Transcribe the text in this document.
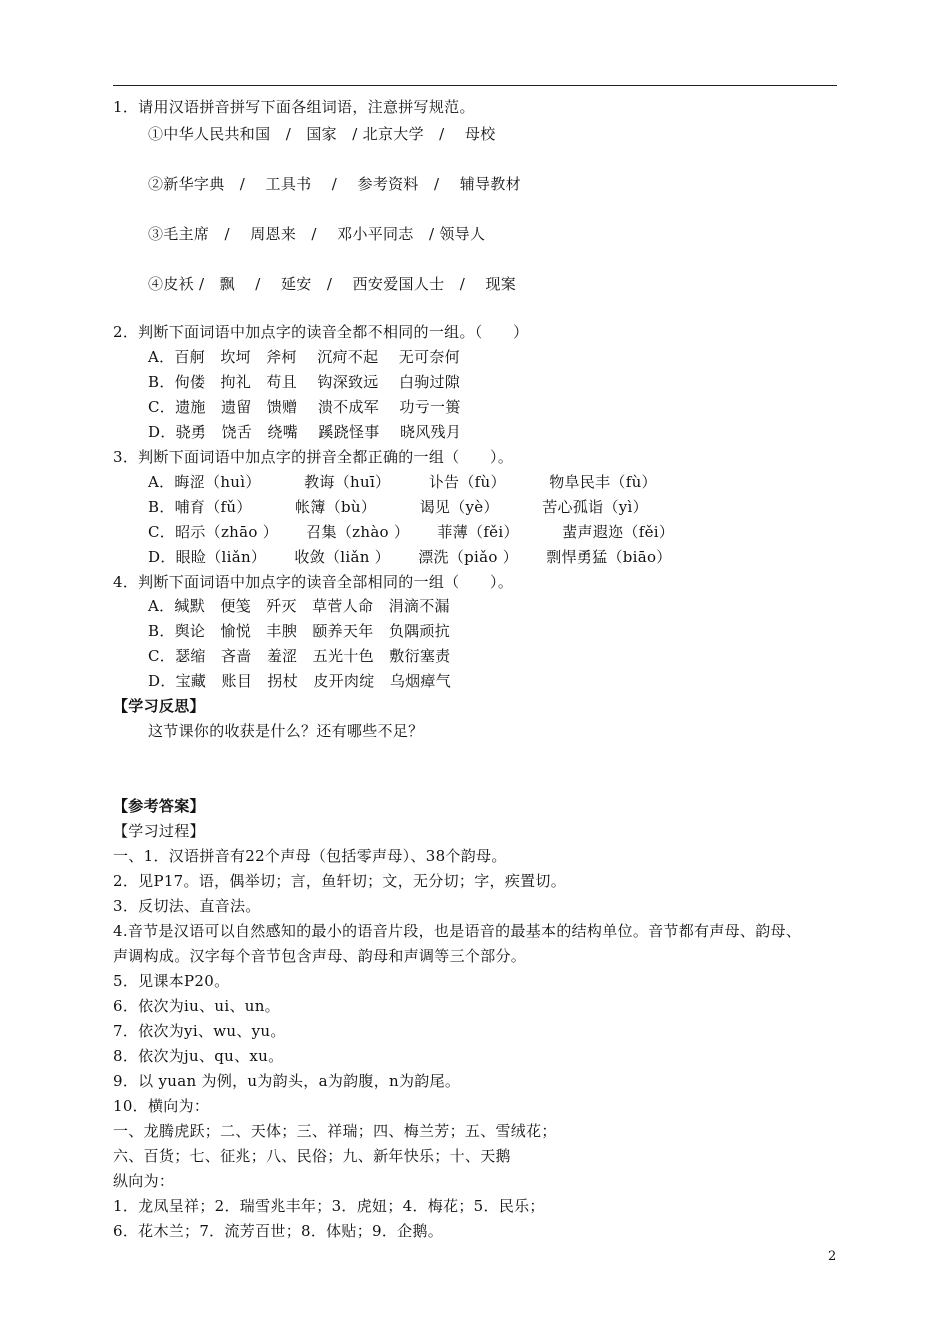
1．请用汉语拼音拼写下面各组词语，注意拼写规范。
①中华人民共和国　/　国家　/ 北京大学　/　 母校
②新华字典　/　 工具书　 /　 参考资料　/　 辅导教材
③毛主席　/　 周恩来　/　 邓小平同志　/ 领导人
④皮袄 /　飘　 /　 延安　/　 西安爱国人士　/　 现案
2．判断下面词语中加点字的读音全都不相同的一组。（　　）
A．百舸　坎坷　斧柯　 沉疴不起　 无可奈何
B．佝偻　拘礼　苟且　 钩深致远　 白驹过隙
C．遗施　遗留　馈赠　 溃不成军　 功亏一篑
D．骁勇　饶舌　绕嘴　 蹊跷怪事　 晓风残月
3．判断下面词语中加点字的拼音全都正确的一组（　　）。
A．晦涩（huì）　　　 教诲（huī）　　　讣告（fù）　　　 物阜民丰（fù）
B．哺育（fǔ）　　　 帐簿（bù）　　　 谒见（yè）　　　 苦心孤诣（yì）
C．昭示（zhāo ）　　 召集（zhào ）　　 菲薄（fěi）　　　 蜚声遐迩（fěi）
D．眼睑（liǎn）　　 收敛（liǎn ）　　 漂洗（piǎo ）　　 剽悍勇猛（biāo）
4．判断下面词语中加点字的读音全部相同的一组（　　）。
A．缄默　便笺　歼灭　草菅人命　涓滴不漏
B．舆论　愉悦　丰腴　颐养天年　负隅顽抗
C．瑟缩　吝啬　羞涩　五光十色　敷衍塞责
D．宝藏　账目　拐杖　皮开肉绽　乌烟瘴气
【学习反思】
这节课你的收获是什么？还有哪些不足？
【参考答案】
【学习过程】
一、1．汉语拼音有22个声母（包括零声母）、38个韵母。
2．见P17。语，偶举切；言，鱼轩切；文，无分切；字，疾置切。
3．反切法、直音法。
4.音节是汉语可以自然感知的最小的语音片段，也是语音的最基本的结构单位。音节都有声母、韵母、
声调构成。汉字每个音节包含声母、韵母和声调等三个部分。
5．见课本P20。
6．依次为iu、ui、un。
7．依次为yi、wu、yu。
8．依次为ju、qu、xu。
9．以 yuan 为例，u为韵头，a为韵腹，n为韵尾。
10．横向为：
一、龙腾虎跃；二、天体；三、祥瑞；四、梅兰芳；五、雪绒花；
六、百货；七、征兆；八、民俗；九、新年快乐；十、天鹅
纵向为：
1．龙凤呈祥；2．瑞雪兆丰年；3．虎妞；4．梅花；5．民乐；
6．花木兰；7．流芳百世；8．体贴；9．企鹅。
2
